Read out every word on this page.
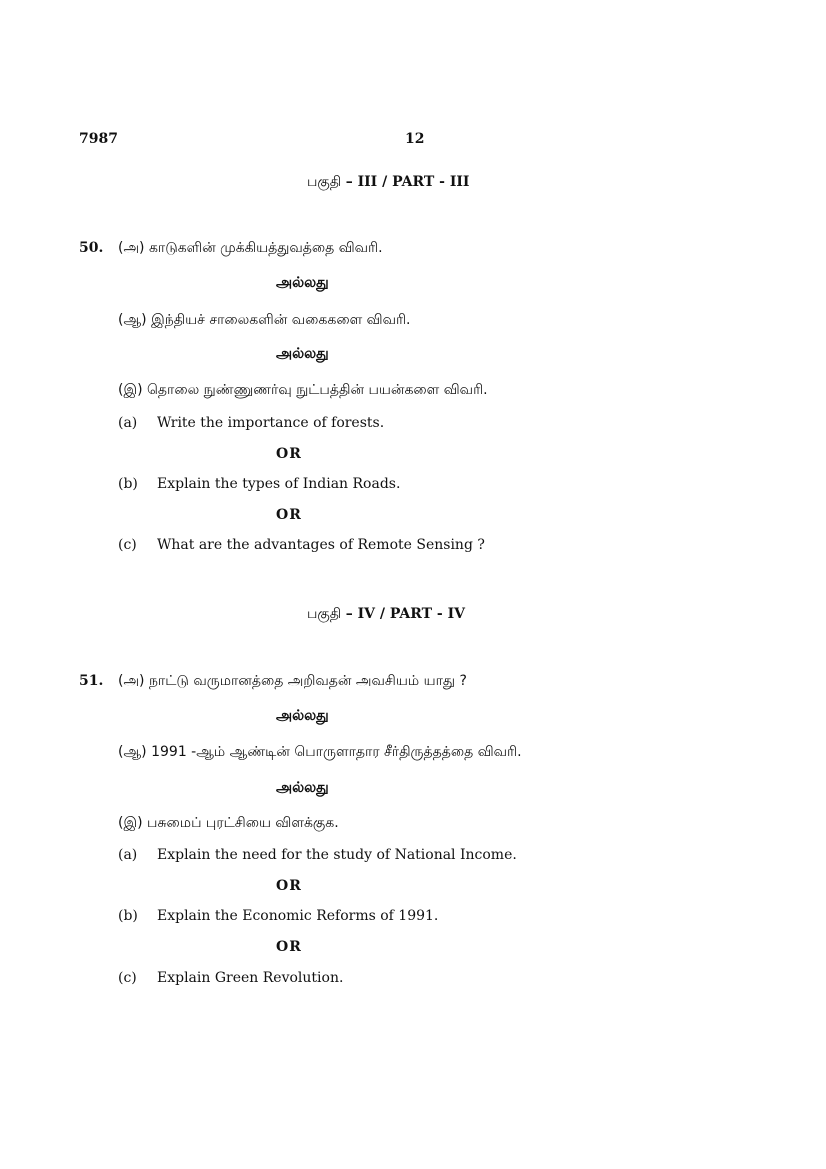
7987	12
பகுதி – III / PART - III
50. (அ) காடுகளின் முக்கியத்துவத்தை விவரி.
அல்லது
(ஆ) இந்தியச் சாலைகளின் வகைகளை விவரி.
அல்லது
(இ) தொலை நுண்ணுணர்வு நுட்பத்தின் பயன்களை விவரி.
(a) Write the importance of forests.
OR
(b) Explain the types of Indian Roads.
OR
(c) What are the advantages of Remote Sensing ?
பகுதி – IV / PART - IV
51. (அ) நாட்டு வருமானத்தை அறிவதன் அவசியம் யாது ?
அல்லது
(ஆ) 1991 -ஆம் ஆண்டின் பொருளாதார சீர்திருத்தத்தை விவரி.
அல்லது
(இ) பசுமைப் புரட்சியை விளக்குக.
(a) Explain the need for the study of National Income.
OR
(b) Explain the Economic Reforms of 1991.
OR
(c) Explain Green Revolution.
